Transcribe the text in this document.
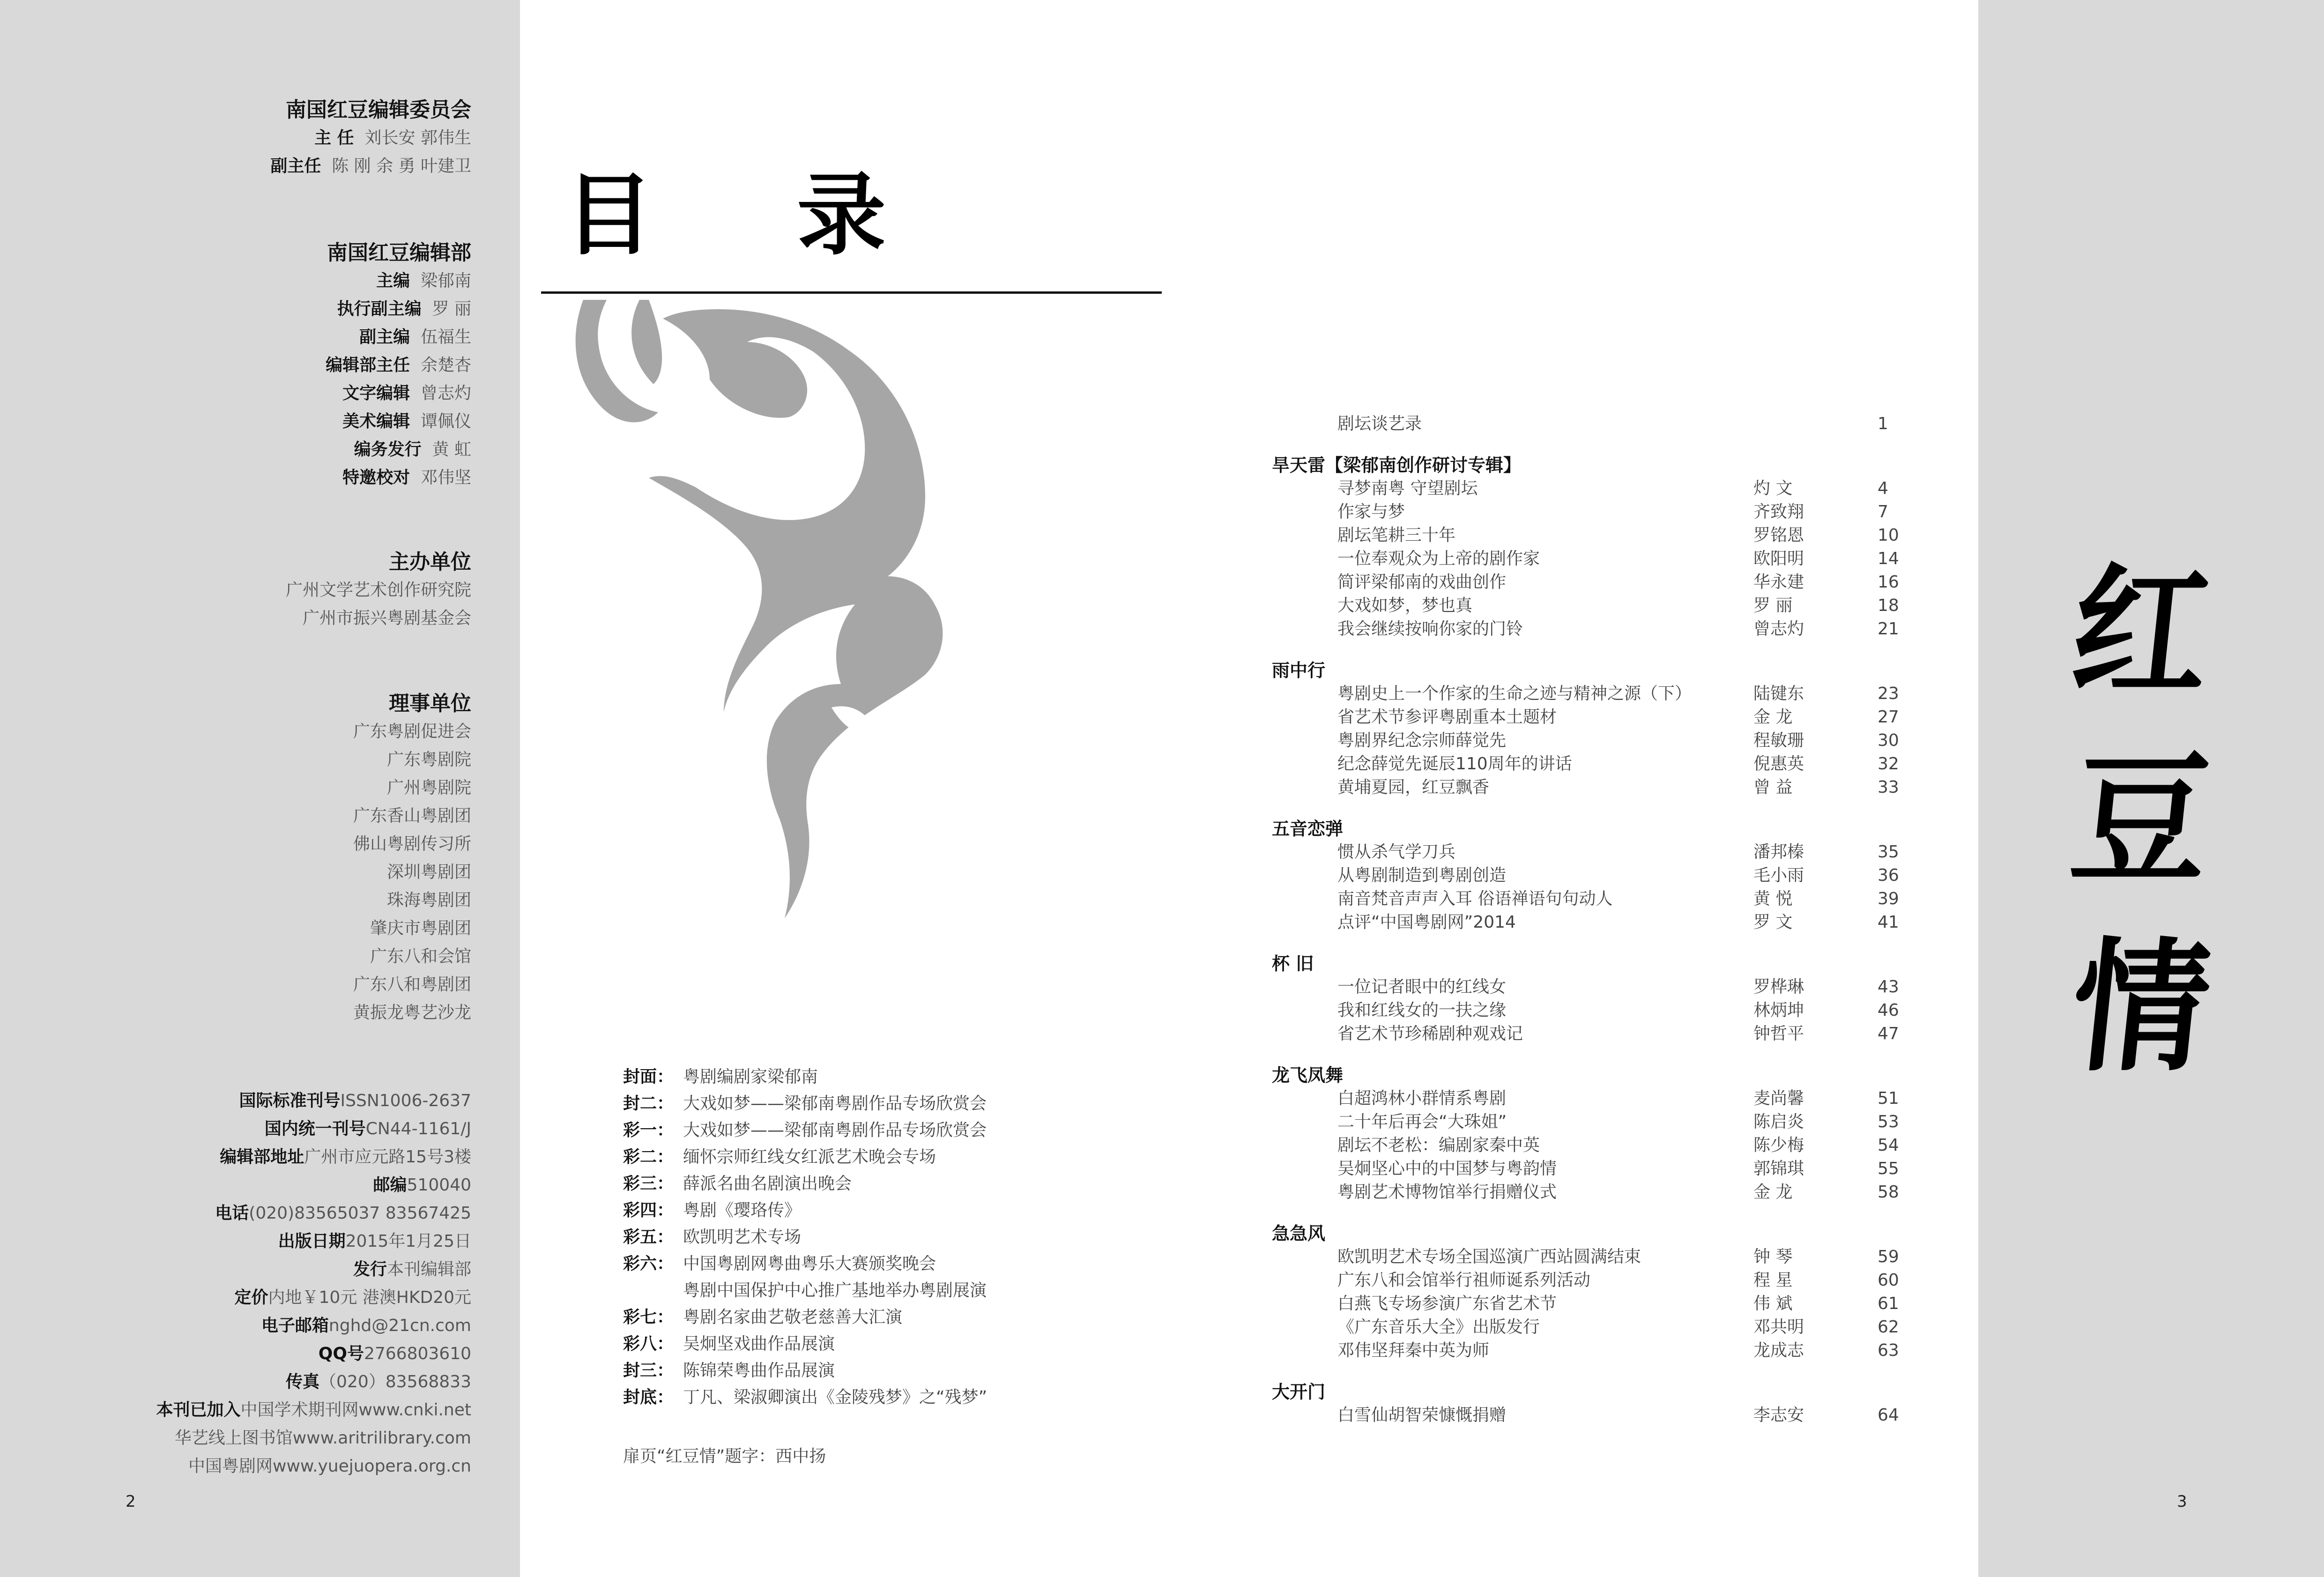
南国红豆编辑委员会
主 任 刘长安 郭伟生
副主任 陈 刚 余 勇 叶建卫
南国红豆编辑部
主编 梁郁南
执行副主编 罗 丽
副主编 伍福生
编辑部主任 余楚杏
文字编辑 曾志灼
美术编辑 谭佩仪
编务发行 黄 虹
特邀校对 邓伟坚
主办单位
广州文学艺术创作研究院
广州市振兴粤剧基金会
理事单位
广东粤剧促进会
广东粤剧院
广州粤剧院
广东香山粤剧团
佛山粤剧传习所
深圳粤剧团
珠海粤剧团
肇庆市粤剧团
广东八和会馆
广东八和粤剧团
黄振龙粤艺沙龙
国际标准刊号ISSN1006-2637
国内统一刊号CN44-1161/J
编辑部地址广州市应元路15号3楼
邮编510040
电话(020)83565037 83567425
出版日期2015年1月25日
发行本刊编辑部
定价内地￥10元 港澳HKD20元
电子邮箱nghd@21cn.com
QQ号2766803610
传真（020）83568833
本刊已加入中国学术期刊网www.cnki.net
华艺线上图书馆www.aritrilibrary.com
中国粤剧网www.yuejuopera.org.cn
2	3
目 录
封面： 粤剧编剧家梁郁南
封二： 大戏如梦——梁郁南粤剧作品专场欣赏会
彩一： 大戏如梦——梁郁南粤剧作品专场欣赏会
彩二： 缅怀宗师红线女红派艺术晚会专场
彩三： 薛派名曲名剧演出晚会
彩四： 粤剧《璎珞传》
彩五： 欧凯明艺术专场
彩六： 中国粤剧网粤曲粤乐大赛颁奖晚会
粤剧中国保护中心推广基地举办粤剧展演
彩七： 粤剧名家曲艺敬老慈善大汇演
彩八： 吴炯坚戏曲作品展演
封三： 陈锦荣粤曲作品展演
封底： 丁凡、梁淑卿演出《金陵残梦》之“残梦”
扉页“红豆情”题字：西中扬
剧坛谈艺录	1
旱天雷【梁郁南创作研讨专辑】
寻梦南粤 守望剧坛	灼 文	4
作家与梦	齐致翔	7
剧坛笔耕三十年	罗铭恩	10
一位奉观众为上帝的剧作家	欧阳明	14
简评梁郁南的戏曲创作	华永建	16
大戏如梦，梦也真	罗 丽	18
我会继续按响你家的门铃	曾志灼	21
雨中行
粤剧史上一个作家的生命之迹与精神之源（下）	陆键东	23
省艺术节参评粤剧重本土题材	金 龙	27
粤剧界纪念宗师薛觉先	程敏珊	30
纪念薛觉先诞辰110周年的讲话	倪惠英	32
黄埔夏园，红豆飘香	曾 益	33
五音恋弹
惯从杀气学刀兵	潘邦榛	35
从粤剧制造到粤剧创造	毛小雨	36
南音梵音声声入耳 俗语禅语句句动人	黄 悦	39
点评“中国粤剧网”2014	罗 文	41
杯 旧
一位记者眼中的红线女	罗桦琳	43
我和红线女的一扶之缘	林炳坤	46
省艺术节珍稀剧种观戏记	钟哲平	47
龙飞凤舞
白超鸿林小群情系粤剧	麦尚馨	51
二十年后再会“大珠姐”	陈启炎	53
剧坛不老松：编剧家秦中英	陈少梅	54
吴炯坚心中的中国梦与粤韵情	郭锦琪	55
粤剧艺术博物馆举行捐赠仪式	金 龙	58
急急风
欧凯明艺术专场全国巡演广西站圆满结束	钟 琴	59
广东八和会馆举行祖师诞系列活动	程 星	60
白燕飞专场参演广东省艺术节	伟 斌	61
《广东音乐大全》出版发行	邓共明	62
邓伟坚拜秦中英为师	龙成志	63
大开门
白雪仙胡智荣慷慨捐赠	李志安	64
红
豆
情
